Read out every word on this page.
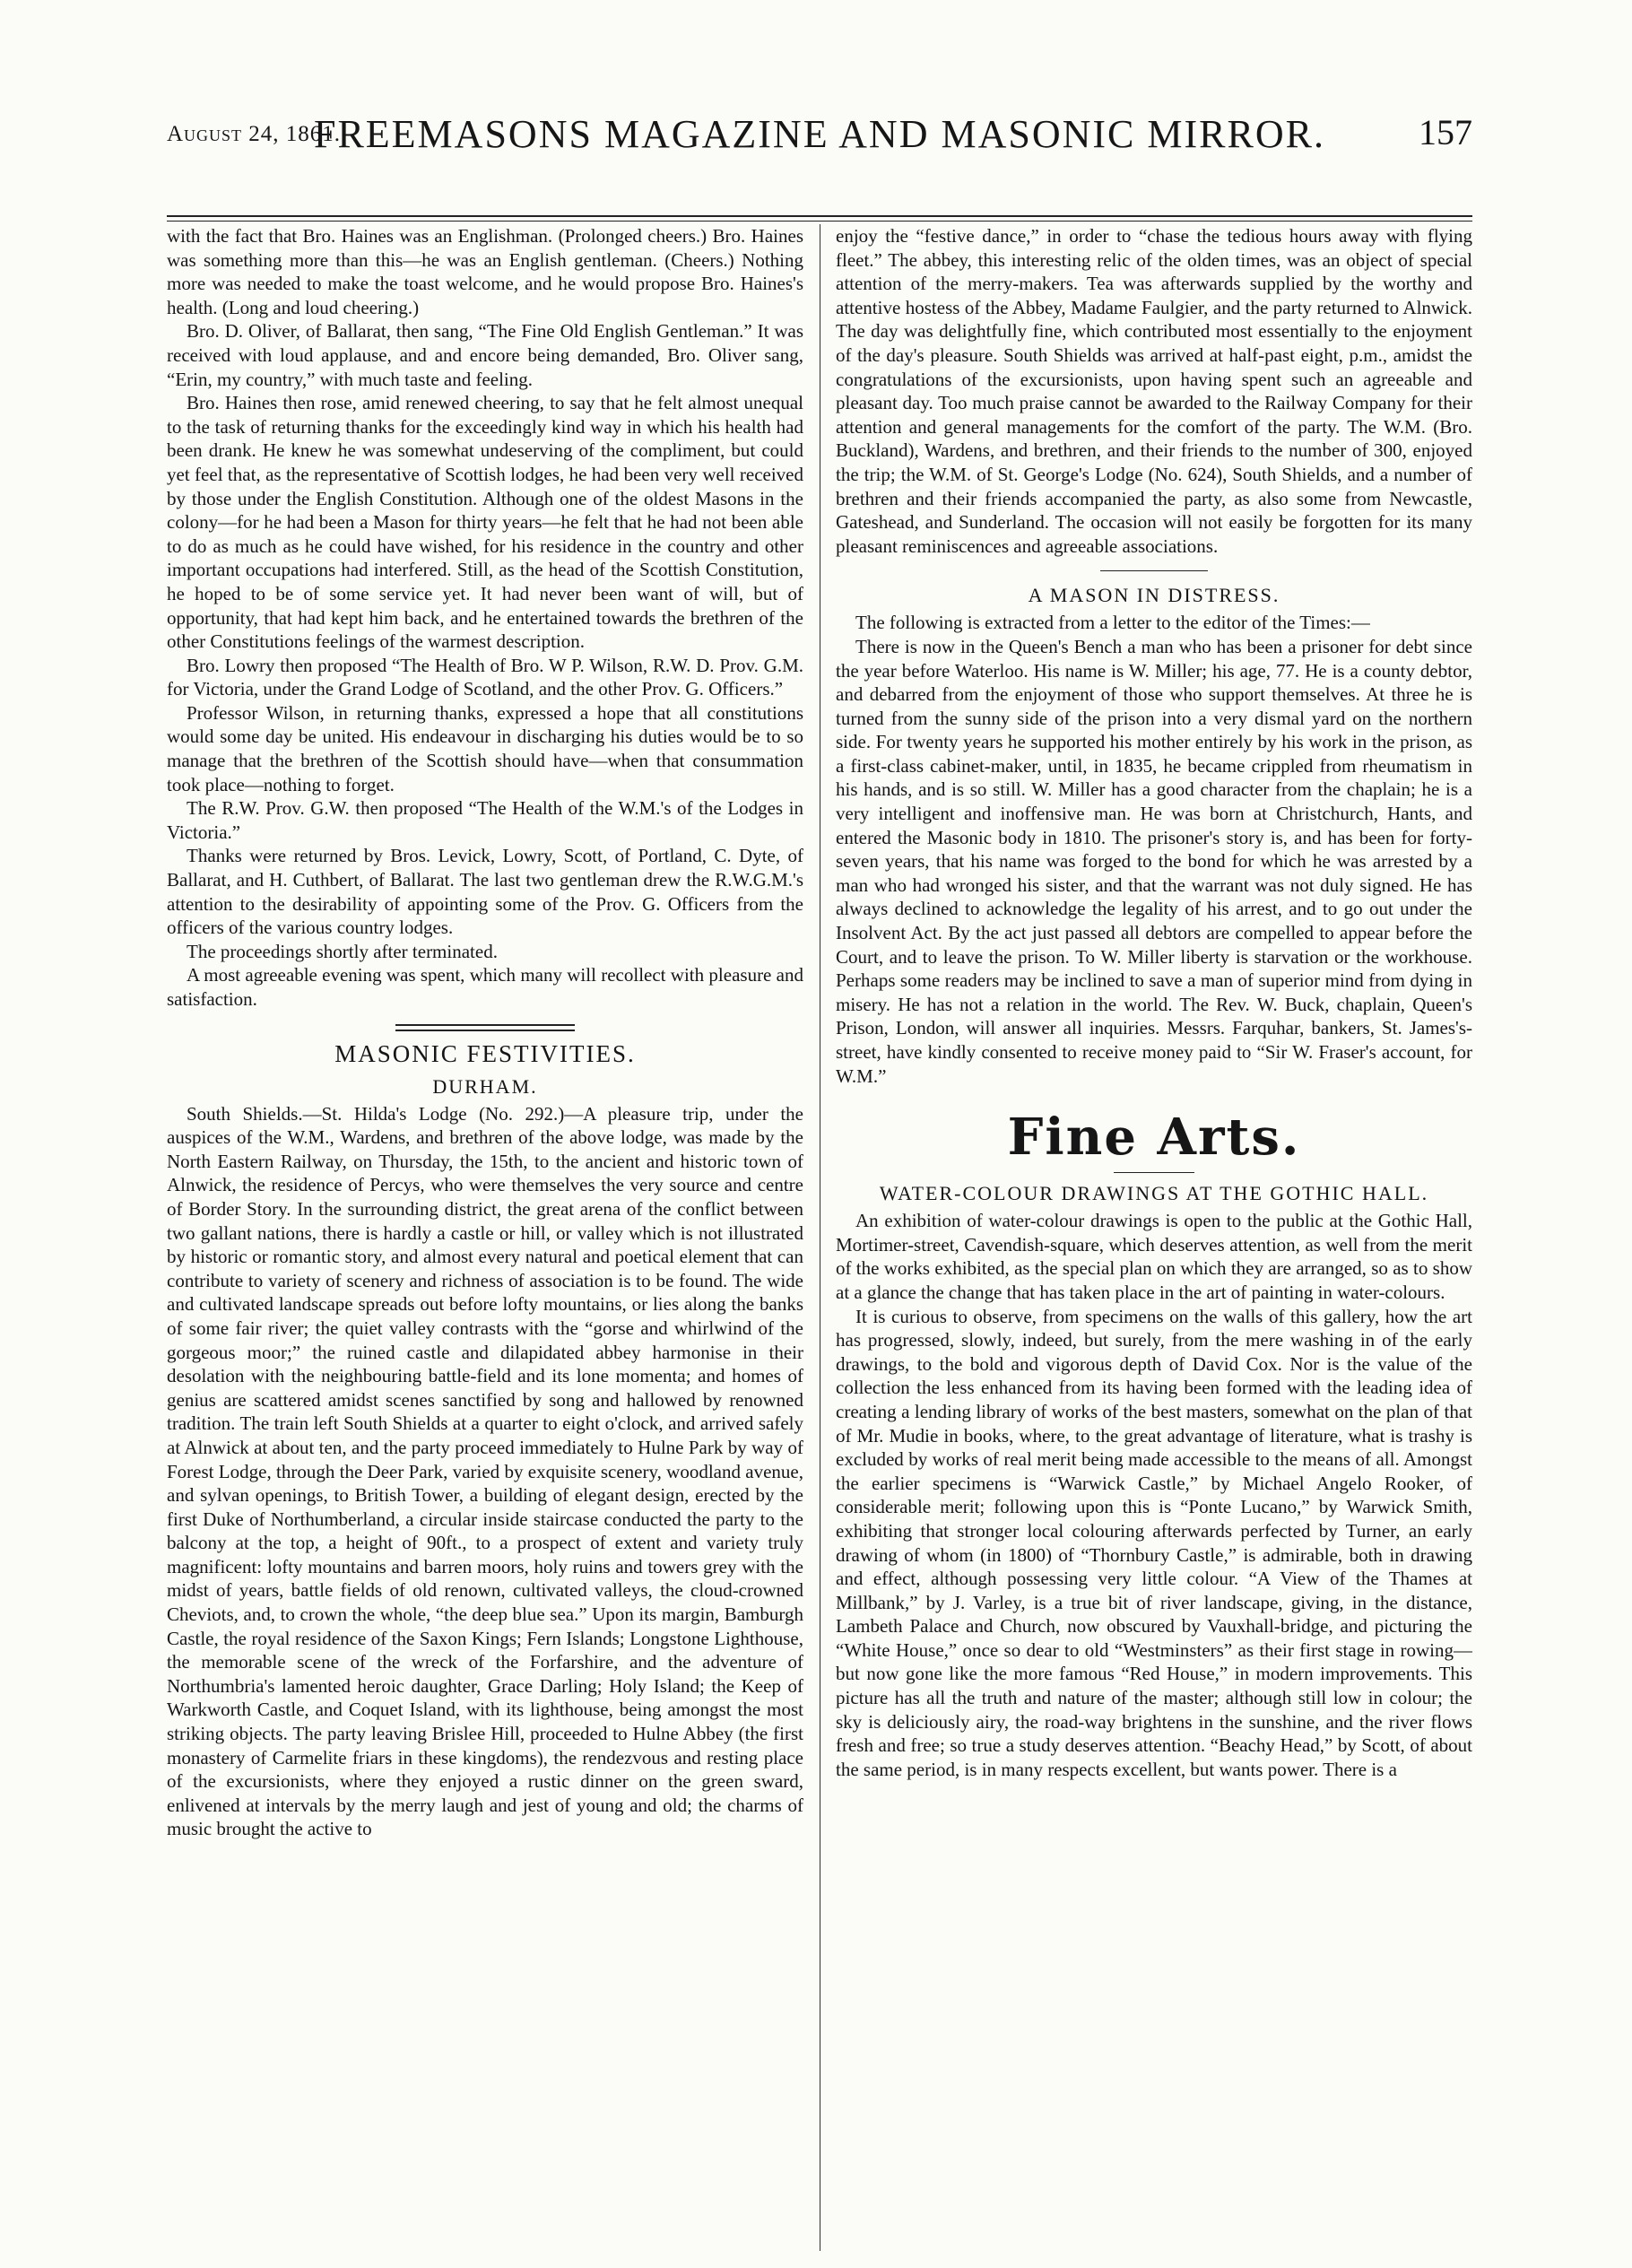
August 24, 1861.
FREEMASONS MAGAZINE AND MASONIC MIRROR.	157

with the fact that Bro. Haines was an Englishman. (Prolonged cheers.) Bro. Haines was something more than this—he was an English gentleman. (Cheers.) Nothing more was needed to make the toast welcome, and he would propose Bro. Haines's health. (Long and loud cheering.)

Bro. D. Oliver, of Ballarat, then sang, “The Fine Old English Gentleman.” It was received with loud applause, and and encore being demanded, Bro. Oliver sang, “Erin, my country,” with much taste and feeling.

Bro. Haines then rose, amid renewed cheering, to say that he felt almost unequal to the task of returning thanks for the exceedingly kind way in which his health had been drank. He knew he was somewhat undeserving of the compliment, but could yet feel that, as the representative of Scottish lodges, he had been very well received by those under the English Constitution. Although one of the oldest Masons in the colony—for he had been a Mason for thirty years—he felt that he had not been able to do as much as he could have wished, for his residence in the country and other important occupations had interfered. Still, as the head of the Scottish Constitution, he hoped to be of some service yet. It had never been want of will, but of opportunity, that had kept him back, and he entertained towards the brethren of the other Constitutions feelings of the warmest description.

Bro. Lowry then proposed “The Health of Bro. W P. Wilson, R.W. D. Prov. G.M. for Victoria, under the Grand Lodge of Scotland, and the other Prov. G. Officers.”

Professor Wilson, in returning thanks, expressed a hope that all constitutions would some day be united. His endeavour in discharging his duties would be to so manage that the brethren of the Scottish should have—when that consummation took place—nothing to forget.

The R.W. Prov. G.W. then proposed “The Health of the W.M.'s of the Lodges in Victoria.”

Thanks were returned by Bros. Levick, Lowry, Scott, of Portland, C. Dyte, of Ballarat, and H. Cuthbert, of Ballarat. The last two gentleman drew the R.W.G.M.'s attention to the desirability of appointing some of the Prov. G. Officers from the officers of the various country lodges.

The proceedings shortly after terminated.

A most agreeable evening was spent, which many will recollect with pleasure and satisfaction.

MASONIC FESTIVITIES.
DURHAM.

South Shields.—St. Hilda's Lodge (No. 292.)—A pleasure trip, under the auspices of the W.M., Wardens, and brethren of the above lodge, was made by the North Eastern Railway, on Thursday, the 15th, to the ancient and historic town of Alnwick, the residence of Percys, who were themselves the very source and centre of Border Story. In the surrounding district, the great arena of the conflict between two gallant nations, there is hardly a castle or hill, or valley which is not illustrated by historic or romantic story, and almost every natural and poetical element that can contribute to variety of scenery and richness of association is to be found. The wide and cultivated landscape spreads out before lofty mountains, or lies along the banks of some fair river; the quiet valley contrasts with the “gorse and whirlwind of the gorgeous moor;” the ruined castle and dilapidated abbey harmonise in their desolation with the neighbouring battle-field and its lone momenta; and homes of genius are scattered amidst scenes sanctified by song and hallowed by renowned tradition. The train left South Shields at a quarter to eight o'clock, and arrived safely at Alnwick at about ten, and the party proceed immediately to Hulne Park by way of Forest Lodge, through the Deer Park, varied by exquisite scenery, woodland avenue, and sylvan openings, to British Tower, a building of elegant design, erected by the first Duke of Northumberland, a circular inside staircase conducted the party to the balcony at the top, a height of 90ft., to a prospect of extent and variety truly magnificent: lofty mountains and barren moors, holy ruins and towers grey with the midst of years, battle fields of old renown, cultivated valleys, the cloud-crowned Cheviots, and, to crown the whole, “the deep blue sea.” Upon its margin, Bamburgh Castle, the royal residence of the Saxon Kings; Fern Islands; Longstone Lighthouse, the memorable scene of the wreck of the Forfarshire, and the adventure of Northumbria's lamented heroic daughter, Grace Darling; Holy Island; the Keep of Warkworth Castle, and Coquet Island, with its lighthouse, being amongst the most striking objects. The party leaving Brislee Hill, proceeded to Hulne Abbey (the first monastery of Carmelite friars in these kingdoms), the rendezvous and resting place of the excursionists, where they enjoyed a rustic dinner on the green sward, enlivened at intervals by the merry laugh and jest of young and old; the charms of music brought the active to

enjoy the “festive dance,” in order to “chase the tedious hours away with flying fleet.” The abbey, this interesting relic of the olden times, was an object of special attention of the merry-makers. Tea was afterwards supplied by the worthy and attentive hostess of the Abbey, Madame Faulgier, and the party returned to Alnwick. The day was delightfully fine, which contributed most essentially to the enjoyment of the day's pleasure. South Shields was arrived at half-past eight, p.m., amidst the congratulations of the excursionists, upon having spent such an agreeable and pleasant day. Too much praise cannot be awarded to the Railway Company for their attention and general managements for the comfort of the party. The W.M. (Bro. Buckland), Wardens, and brethren, and their friends to the number of 300, enjoyed the trip; the W.M. of St. George's Lodge (No. 624), South Shields, and a number of brethren and their friends accompanied the party, as also some from Newcastle, Gateshead, and Sunderland. The occasion will not easily be forgotten for its many pleasant reminiscences and agreeable associations.

A MASON IN DISTRESS.

The following is extracted from a letter to the editor of the Times:—

There is now in the Queen's Bench a man who has been a prisoner for debt since the year before Waterloo. His name is W. Miller; his age, 77. He is a county debtor, and debarred from the enjoyment of those who support themselves. At three he is turned from the sunny side of the prison into a very dismal yard on the northern side. For twenty years he supported his mother entirely by his work in the prison, as a first-class cabinet-maker, until, in 1835, he became crippled from rheumatism in his hands, and is so still. W. Miller has a good character from the chaplain; he is a very intelligent and inoffensive man. He was born at Christchurch, Hants, and entered the Masonic body in 1810. The prisoner's story is, and has been for forty-seven years, that his name was forged to the bond for which he was arrested by a man who had wronged his sister, and that the warrant was not duly signed. He has always declined to acknowledge the legality of his arrest, and to go out under the Insolvent Act. By the act just passed all debtors are compelled to appear before the Court, and to leave the prison. To W. Miller liberty is starvation or the workhouse. Perhaps some readers may be inclined to save a man of superior mind from dying in misery. He has not a relation in the world. The Rev. W. Buck, chaplain, Queen's Prison, London, will answer all inquiries. Messrs. Farquhar, bankers, St. James's-street, have kindly consented to receive money paid to “Sir W. Fraser's account, for W.M.”

Fine Arts.
WATER-COLOUR DRAWINGS AT THE GOTHIC HALL.

An exhibition of water-colour drawings is open to the public at the Gothic Hall, Mortimer-street, Cavendish-square, which deserves attention, as well from the merit of the works exhibited, as the special plan on which they are arranged, so as to show at a glance the change that has taken place in the art of painting in water-colours.

It is curious to observe, from specimens on the walls of this gallery, how the art has progressed, slowly, indeed, but surely, from the mere washing in of the early drawings, to the bold and vigorous depth of David Cox. Nor is the value of the collection the less enhanced from its having been formed with the leading idea of creating a lending library of works of the best masters, somewhat on the plan of that of Mr. Mudie in books, where, to the great advantage of literature, what is trashy is excluded by works of real merit being made accessible to the means of all. Amongst the earlier specimens is “Warwick Castle,” by Michael Angelo Rooker, of considerable merit; following upon this is “Ponte Lucano,” by Warwick Smith, exhibiting that stronger local colouring afterwards perfected by Turner, an early drawing of whom (in 1800) of “Thornbury Castle,” is admirable, both in drawing and effect, although possessing very little colour. “A View of the Thames at Millbank,” by J. Varley, is a true bit of river landscape, giving, in the distance, Lambeth Palace and Church, now obscured by Vauxhall-bridge, and picturing the “White House,” once so dear to old “Westminsters” as their first stage in rowing—but now gone like the more famous “Red House,” in modern improvements. This picture has all the truth and nature of the master; although still low in colour; the sky is deliciously airy, the road-way brightens in the sunshine, and the river flows fresh and free; so true a study deserves attention. “Beachy Head,” by Scott, of about the same period, is in many respects excellent, but wants power. There is a
